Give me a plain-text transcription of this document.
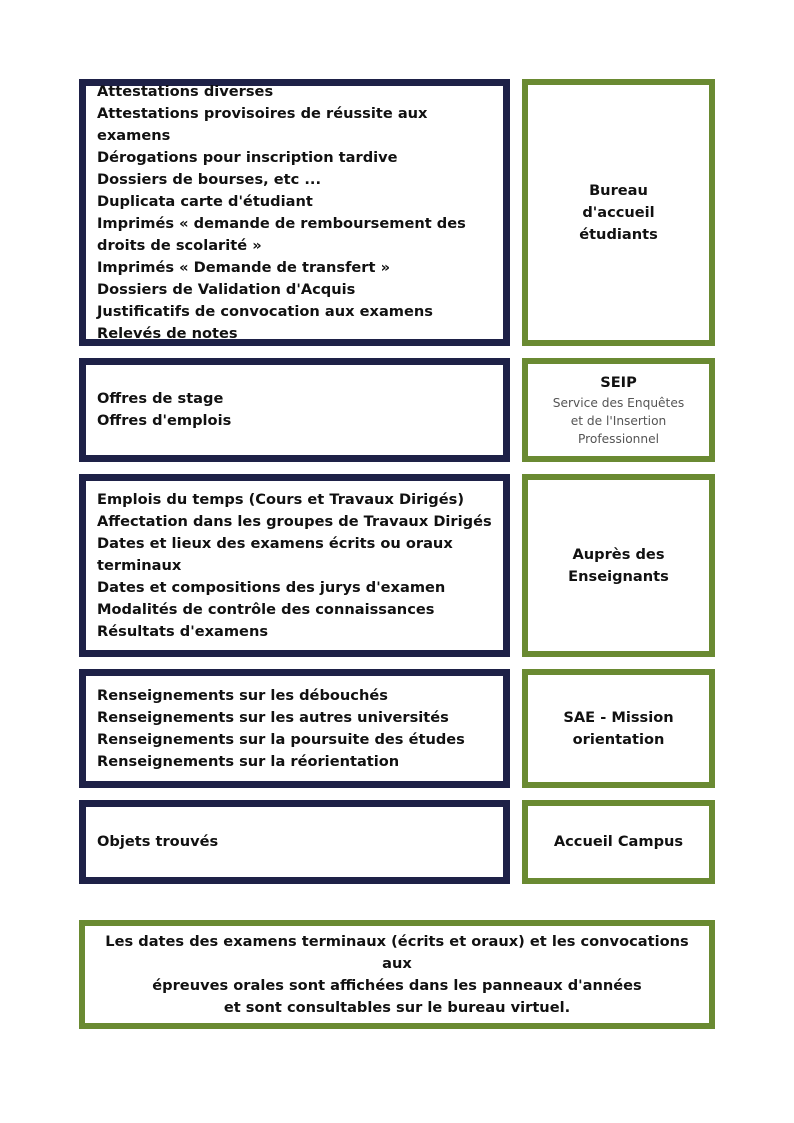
Attestations diverses

Attestations provisoires de réussite aux examens

Dérogations pour inscription tardive

Dossiers de bourses, etc ...

Duplicata carte d'étudiant

Imprimés « demande de remboursement des droits de scolarité »

Imprimés « Demande de transfert »

Dossiers de Validation d'Acquis

Justificatifs de convocation aux examens

Relevés de notes

Bureau
d'accueil
étudiants

Offres de stage

Offres d'emplois

SEIP
Service des Enquêtes
et de l'Insertion
Professionnel

Emplois du temps (Cours et Travaux Dirigés)

Affectation dans les groupes de Travaux Dirigés

Dates et lieux des examens écrits ou oraux terminaux

Dates et compositions des jurys d'examen

Modalités de contrôle des connaissances

Résultats d'examens

Auprès des
Enseignants

Renseignements sur les débouchés

Renseignements sur les autres universités

Renseignements sur la poursuite des études

Renseignements sur la réorientation

SAE - Mission
orientation

Objets trouvés	Accueil Campus
Les dates des examens terminaux (écrits et oraux) et les convocations aux
épreuves orales sont affichées dans les panneaux d'années
et sont consultables sur le bureau virtuel.
